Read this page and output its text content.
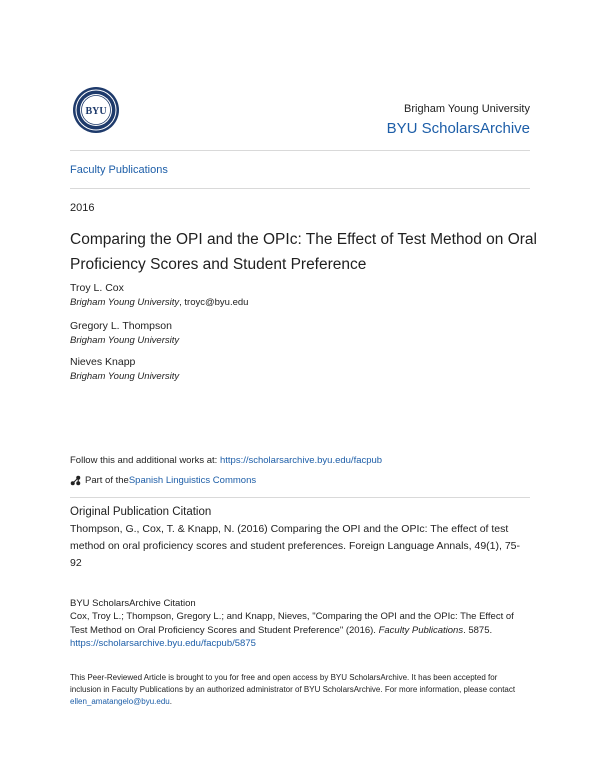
BYU	Brigham Young University
BYU ScholarsArchive
Faculty Publications
2016
Comparing the OPI and the OPIc: The Effect of Test Method on Oral Proficiency Scores and Student Preference
Troy L. Cox
Brigham Young University, troyc@byu.edu
Gregory L. Thompson
Brigham Young University
Nieves Knapp
Brigham Young University
Follow this and additional works at: https://scholarsarchive.byu.edu/facpub
Part of the Spanish Linguistics Commons
Original Publication Citation
Thompson, G., Cox, T. & Knapp, N. (2016) Comparing the OPI and the OPIc: The effect of test method on oral proficiency scores and student preferences. Foreign Language Annals, 49(1), 75-92
BYU ScholarsArchive Citation
Cox, Troy L.; Thompson, Gregory L.; and Knapp, Nieves, "Comparing the OPI and the OPIc: The Effect of Test Method on Oral Proficiency Scores and Student Preference" (2016). Faculty Publications. 5875.
https://scholarsarchive.byu.edu/facpub/5875
This Peer-Reviewed Article is brought to you for free and open access by BYU ScholarsArchive. It has been accepted for inclusion in Faculty Publications by an authorized administrator of BYU ScholarsArchive. For more information, please contact ellen_amatangelo@byu.edu.
